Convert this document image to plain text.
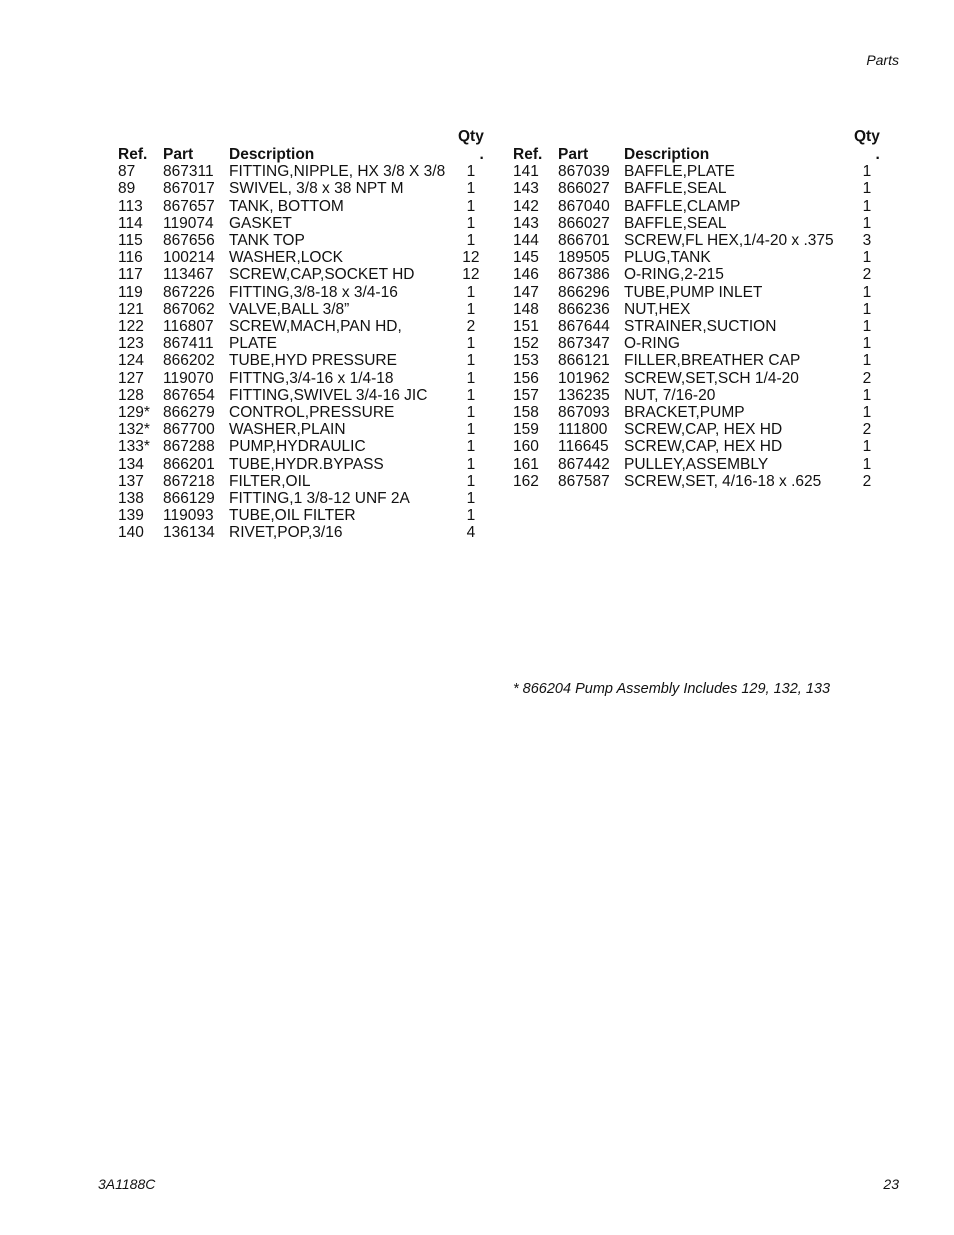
Parts
			Qty
Ref.	Part	Description	.
87	867311	FITTING,NIPPLE, HX 3/8 X 3/8	1
89	867017	SWIVEL, 3/8 x 38 NPT M	1
113	867657	TANK, BOTTOM	1
114	119074	GASKET	1
115	867656	TANK TOP	1
116	100214	WASHER,LOCK	12
117	113467	SCREW,CAP,SOCKET HD	12
119	867226	FITTING,3/8-18 x 3/4-16	1
121	867062	VALVE,BALL 3/8”	1
122	116807	SCREW,MACH,PAN HD,	2
123	867411	PLATE	1
124	866202	TUBE,HYD PRESSURE	1
127	119070	FITTNG,3/4-16 x 1/4-18	1
128	867654	FITTING,SWIVEL 3/4-16 JIC	1
129*	866279	CONTROL,PRESSURE	1
132*	867700	WASHER,PLAIN	1
133*	867288	PUMP,HYDRAULIC	1
134	866201	TUBE,HYDR.BYPASS	1
137	867218	FILTER,OIL	1
138	866129	FITTING,1 3/8-12 UNF 2A	1
139	119093	TUBE,OIL FILTER	1
140	136134	RIVET,POP,3/16	4
			Qty
Ref.	Part	Description	.
141	867039	BAFFLE,PLATE	1
143	866027	BAFFLE,SEAL	1
142	867040	BAFFLE,CLAMP	1
143	866027	BAFFLE,SEAL	1
144	866701	SCREW,FL HEX,1/4-20 x .375	3
145	189505	PLUG,TANK	1
146	867386	O-RING,2-215	2
147	866296	TUBE,PUMP INLET	1
148	866236	NUT,HEX	1
151	867644	STRAINER,SUCTION	1
152	867347	O-RING	1
153	866121	FILLER,BREATHER CAP	1
156	101962	SCREW,SET,SCH 1/4-20	2
157	136235	NUT, 7/16-20	1
158	867093	BRACKET,PUMP	1
159	111800	SCREW,CAP, HEX HD	2
160	116645	SCREW,CAP, HEX HD	1
161	867442	PULLEY,ASSEMBLY	1
162	867587	SCREW,SET, 4/16-18 x .625	2
* 866204 Pump Assembly Includes 129, 132, 133
3A1188C	23
